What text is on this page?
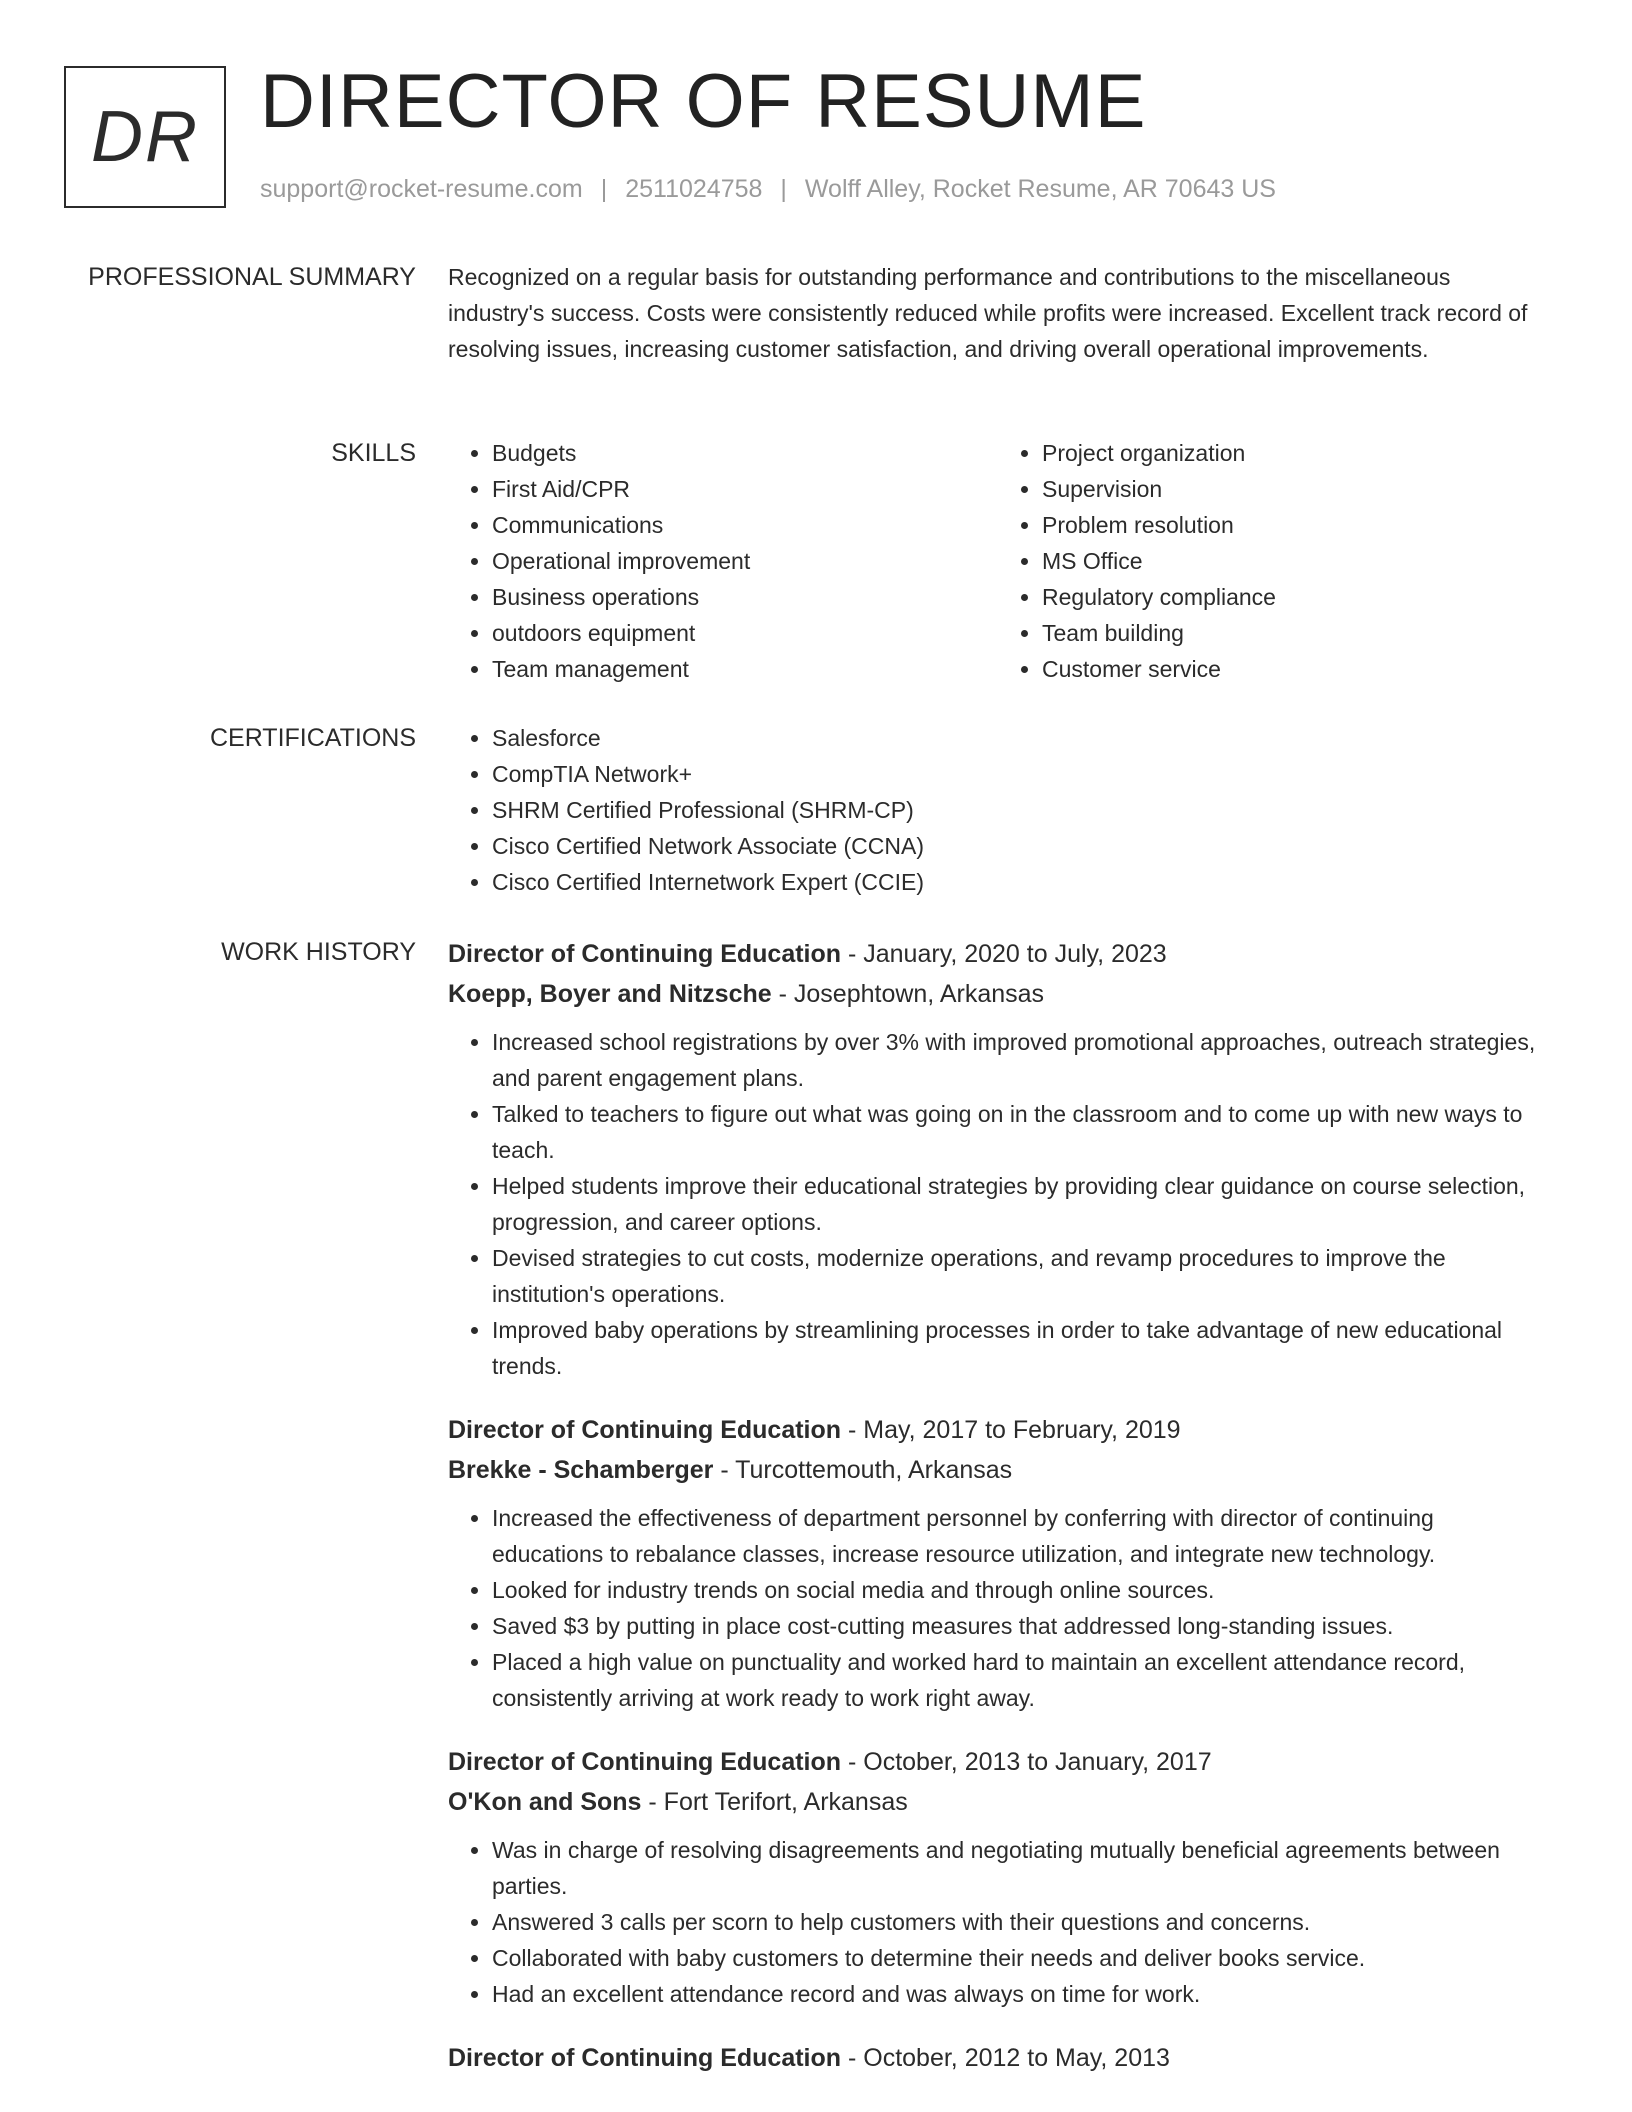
DR DIRECTOR OF RESUME
support@rocket-resume.com | 2511024758 | Wolff Alley, Rocket Resume, AR 70643 US
PROFESSIONAL SUMMARY Recognized on a regular basis for outstanding performance and contributions to the miscellaneous industry's success. Costs were consistently reduced while profits were increased. Excellent track record of resolving issues, increasing customer satisfaction, and driving overall operational improvements.

SKILLS	• Budgets
• First Aid/CPR
• Communications
• Operational improvement
• Business operations
• outdoors equipment
• Team management
• Project organization
• Supervision
• Problem resolution
• MS Office
• Regulatory compliance
• Team building
• Customer service
CERTIFICATIONS	• Salesforce
• CompTIA Network+
• SHRM Certified Professional (SHRM-CP)
• Cisco Certified Network Associate (CCNA)
• Cisco Certified Internetwork Expert (CCIE)
WORK HISTORY Director of Continuing Education - January, 2020 to July, 2023
Koepp, Boyer and Nitzsche - Josephtown, Arkansas
• Increased school registrations by over 3% with improved promotional approaches, outreach strategies, and parent engagement plans.
• Talked to teachers to figure out what was going on in the classroom and to come up with new ways to teach.
• Helped students improve their educational strategies by providing clear guidance on course selection, progression, and career options.
• Devised strategies to cut costs, modernize operations, and revamp procedures to improve the institution's operations.
• Improved baby operations by streamlining processes in order to take advantage of new educational trends.
Director of Continuing Education - May, 2017 to February, 2019
Brekke - Schamberger - Turcottemouth, Arkansas
• Increased the effectiveness of department personnel by conferring with director of continuing educations to rebalance classes, increase resource utilization, and integrate new technology.
• Looked for industry trends on social media and through online sources.
• Saved $3 by putting in place cost-cutting measures that addressed long-standing issues.
• Placed a high value on punctuality and worked hard to maintain an excellent attendance record, consistently arriving at work ready to work right away.
Director of Continuing Education - October, 2013 to January, 2017
O'Kon and Sons - Fort Terifort, Arkansas
• Was in charge of resolving disagreements and negotiating mutually beneficial agreements between parties.
• Answered 3 calls per scorn to help customers with their questions and concerns.
• Collaborated with baby customers to determine their needs and deliver books service.
• Had an excellent attendance record and was always on time for work.
Director of Continuing Education - October, 2012 to May, 2013
